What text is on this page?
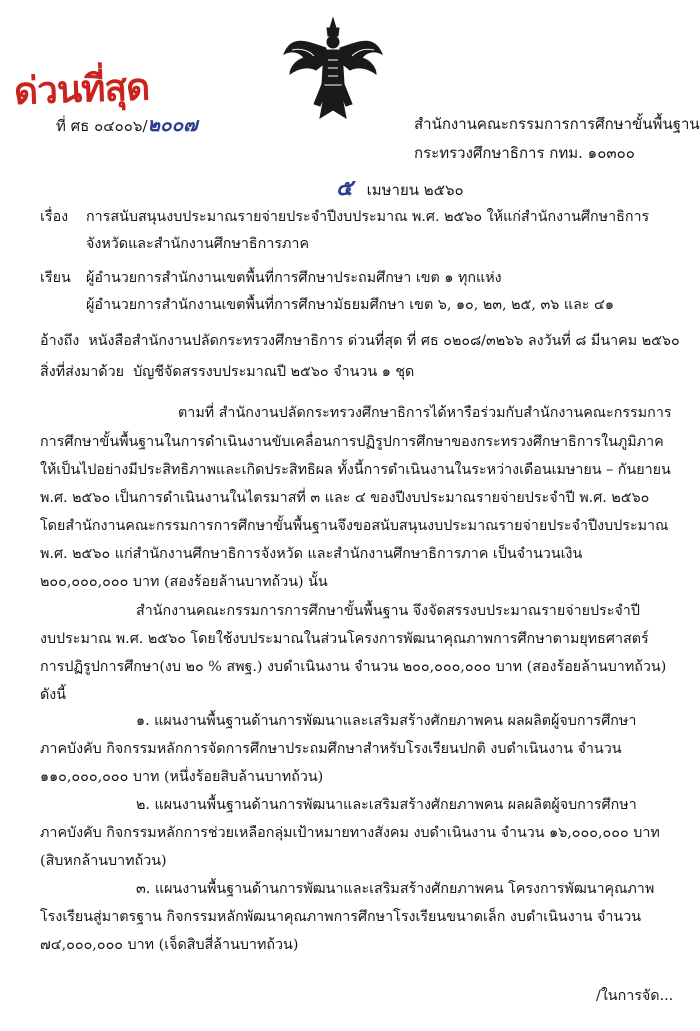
ด่วนที่สุด
ที่ ศธ ๐๔๐๐๖/๒๐๐๗	สำนักงานคณะกรรมการการศึกษาขั้นพื้นฐาน
กระทรวงศึกษาธิการ กทม. ๑๐๓๐๐
๕ เมษายน ๒๕๖๐
เรื่อง การสนับสนุนงบประมาณรายจ่ายประจำปีงบประมาณ พ.ศ. ๒๕๖๐ ให้แก่สำนักงานศึกษาธิการ
จังหวัดและสำนักงานศึกษาธิการภาค
เรียน ผู้อำนวยการสำนักงานเขตพื้นที่การศึกษาประถมศึกษา เขต ๑ ทุกแห่ง
ผู้อำนวยการสำนักงานเขตพื้นที่การศึกษามัธยมศึกษา เขต ๖, ๑๐, ๒๓, ๒๕, ๓๖ และ ๔๑
อ้างถึง หนังสือสำนักงานปลัดกระทรวงศึกษาธิการ ด่วนที่สุด ที่ ศธ ๐๒๐๘/๓๒๖๖ ลงวันที่ ๘ มีนาคม ๒๕๖๐
สิ่งที่ส่งมาด้วย บัญชีจัดสรรงบประมาณปี ๒๕๖๐ จำนวน ๑ ชุด
ตามที่ สำนักงานปลัดกระทรวงศึกษาธิการได้หารือร่วมกับสำนักงานคณะกรรมการ
การศึกษาขั้นพื้นฐานในการดำเนินงานขับเคลื่อนการปฏิรูปการศึกษาของกระทรวงศึกษาธิการในภูมิภาค
ให้เป็นไปอย่างมีประสิทธิภาพและเกิดประสิทธิผล ทั้งนี้การดำเนินงานในระหว่างเดือนเมษายน – กันยายน
พ.ศ. ๒๕๖๐ เป็นการดำเนินงานในไตรมาสที่ ๓ และ ๔ ของปีงบประมาณรายจ่ายประจำปี พ.ศ. ๒๕๖๐
โดยสำนักงานคณะกรรมการการศึกษาขั้นพื้นฐานจึงขอสนับสนุนงบประมาณรายจ่ายประจำปีงบประมาณ
พ.ศ. ๒๕๖๐ แก่สำนักงานศึกษาธิการจังหวัด และสำนักงานศึกษาธิการภาค เป็นจำนวนเงิน
๒๐๐,๐๐๐,๐๐๐ บาท (สองร้อยล้านบาทถ้วน) นั้น
สำนักงานคณะกรรมการการศึกษาขั้นพื้นฐาน จึงจัดสรรงบประมาณรายจ่ายประจำปี
งบประมาณ พ.ศ. ๒๕๖๐ โดยใช้งบประมาณในส่วนโครงการพัฒนาคุณภาพการศึกษาตามยุทธศาสตร์
การปฏิรูปการศึกษา(งบ ๒๐ % สพฐ.) งบดำเนินงาน จำนวน ๒๐๐,๐๐๐,๐๐๐ บาท (สองร้อยล้านบาทถ้วน)
ดังนี้
๑. แผนงานพื้นฐานด้านการพัฒนาและเสริมสร้างศักยภาพคน ผลผลิตผู้จบการศึกษา
ภาคบังคับ กิจกรรมหลักการจัดการศึกษาประถมศึกษาสำหรับโรงเรียนปกติ งบดำเนินงาน จำนวน
๑๑๐,๐๐๐,๐๐๐ บาท (หนึ่งร้อยสิบล้านบาทถ้วน)
๒. แผนงานพื้นฐานด้านการพัฒนาและเสริมสร้างศักยภาพคน ผลผลิตผู้จบการศึกษา
ภาคบังคับ กิจกรรมหลักการช่วยเหลือกลุ่มเป้าหมายทางสังคม งบดำเนินงาน จำนวน ๑๖,๐๐๐,๐๐๐ บาท
(สิบหกล้านบาทถ้วน)
๓. แผนงานพื้นฐานด้านการพัฒนาและเสริมสร้างศักยภาพคน โครงการพัฒนาคุณภาพ
โรงเรียนสู่มาตรฐาน กิจกรรมหลักพัฒนาคุณภาพการศึกษาโรงเรียนขนาดเล็ก งบดำเนินงาน จำนวน
๗๔,๐๐๐,๐๐๐ บาท (เจ็ดสิบสี่ล้านบาทถ้วน)
/ในการจัด...
